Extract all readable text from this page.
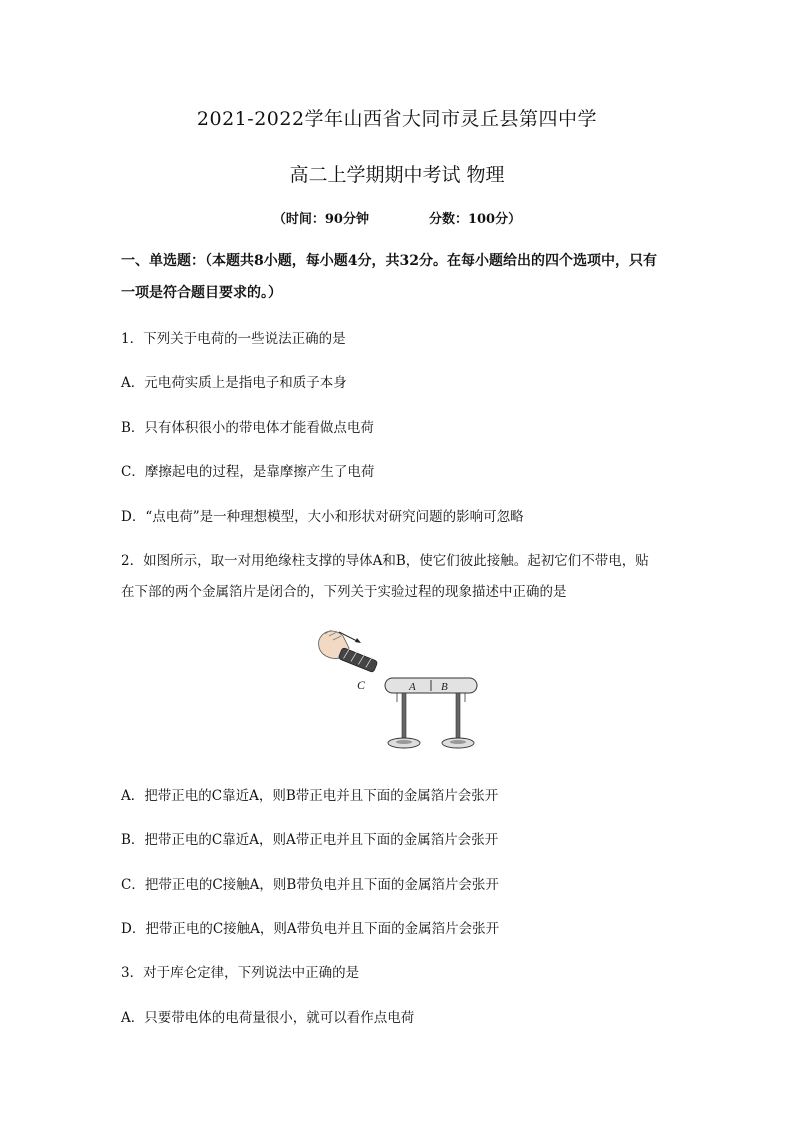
2021-2022学年山西省大同市灵丘县第四中学
高二上学期期中考试 物理
（时间：90分钟	分数：100分）
一、单选题：（本题共8小题，每小题4分，共32分。在每小题给出的四个选项中，只有
一项是符合题目要求的。）
1．下列关于电荷的一些说法正确的是
A．元电荷实质上是指电子和质子本身
B．只有体积很小的带电体才能看做点电荷
C．摩擦起电的过程，是靠摩擦产生了电荷
D．“点电荷”是一种理想模型，大小和形状对研究问题的影响可忽略
2．如图所示，取一对用绝缘柱支撑的导体A和B，使它们彼此接触。起初它们不带电，贴
在下部的两个金属箔片是闭合的，下列关于实验过程的现象描述中正确的是
C	A B
A．把带正电的C靠近A，则B带正电并且下面的金属箔片会张开
B．把带正电的C靠近A，则A带正电并且下面的金属箔片会张开
C．把带正电的C接触A，则B带负电并且下面的金属箔片会张开
D．把带正电的C接触A，则A带负电并且下面的金属箔片会张开
3．对于库仑定律，下列说法中正确的是
A．只要带电体的电荷量很小，就可以看作点电荷
